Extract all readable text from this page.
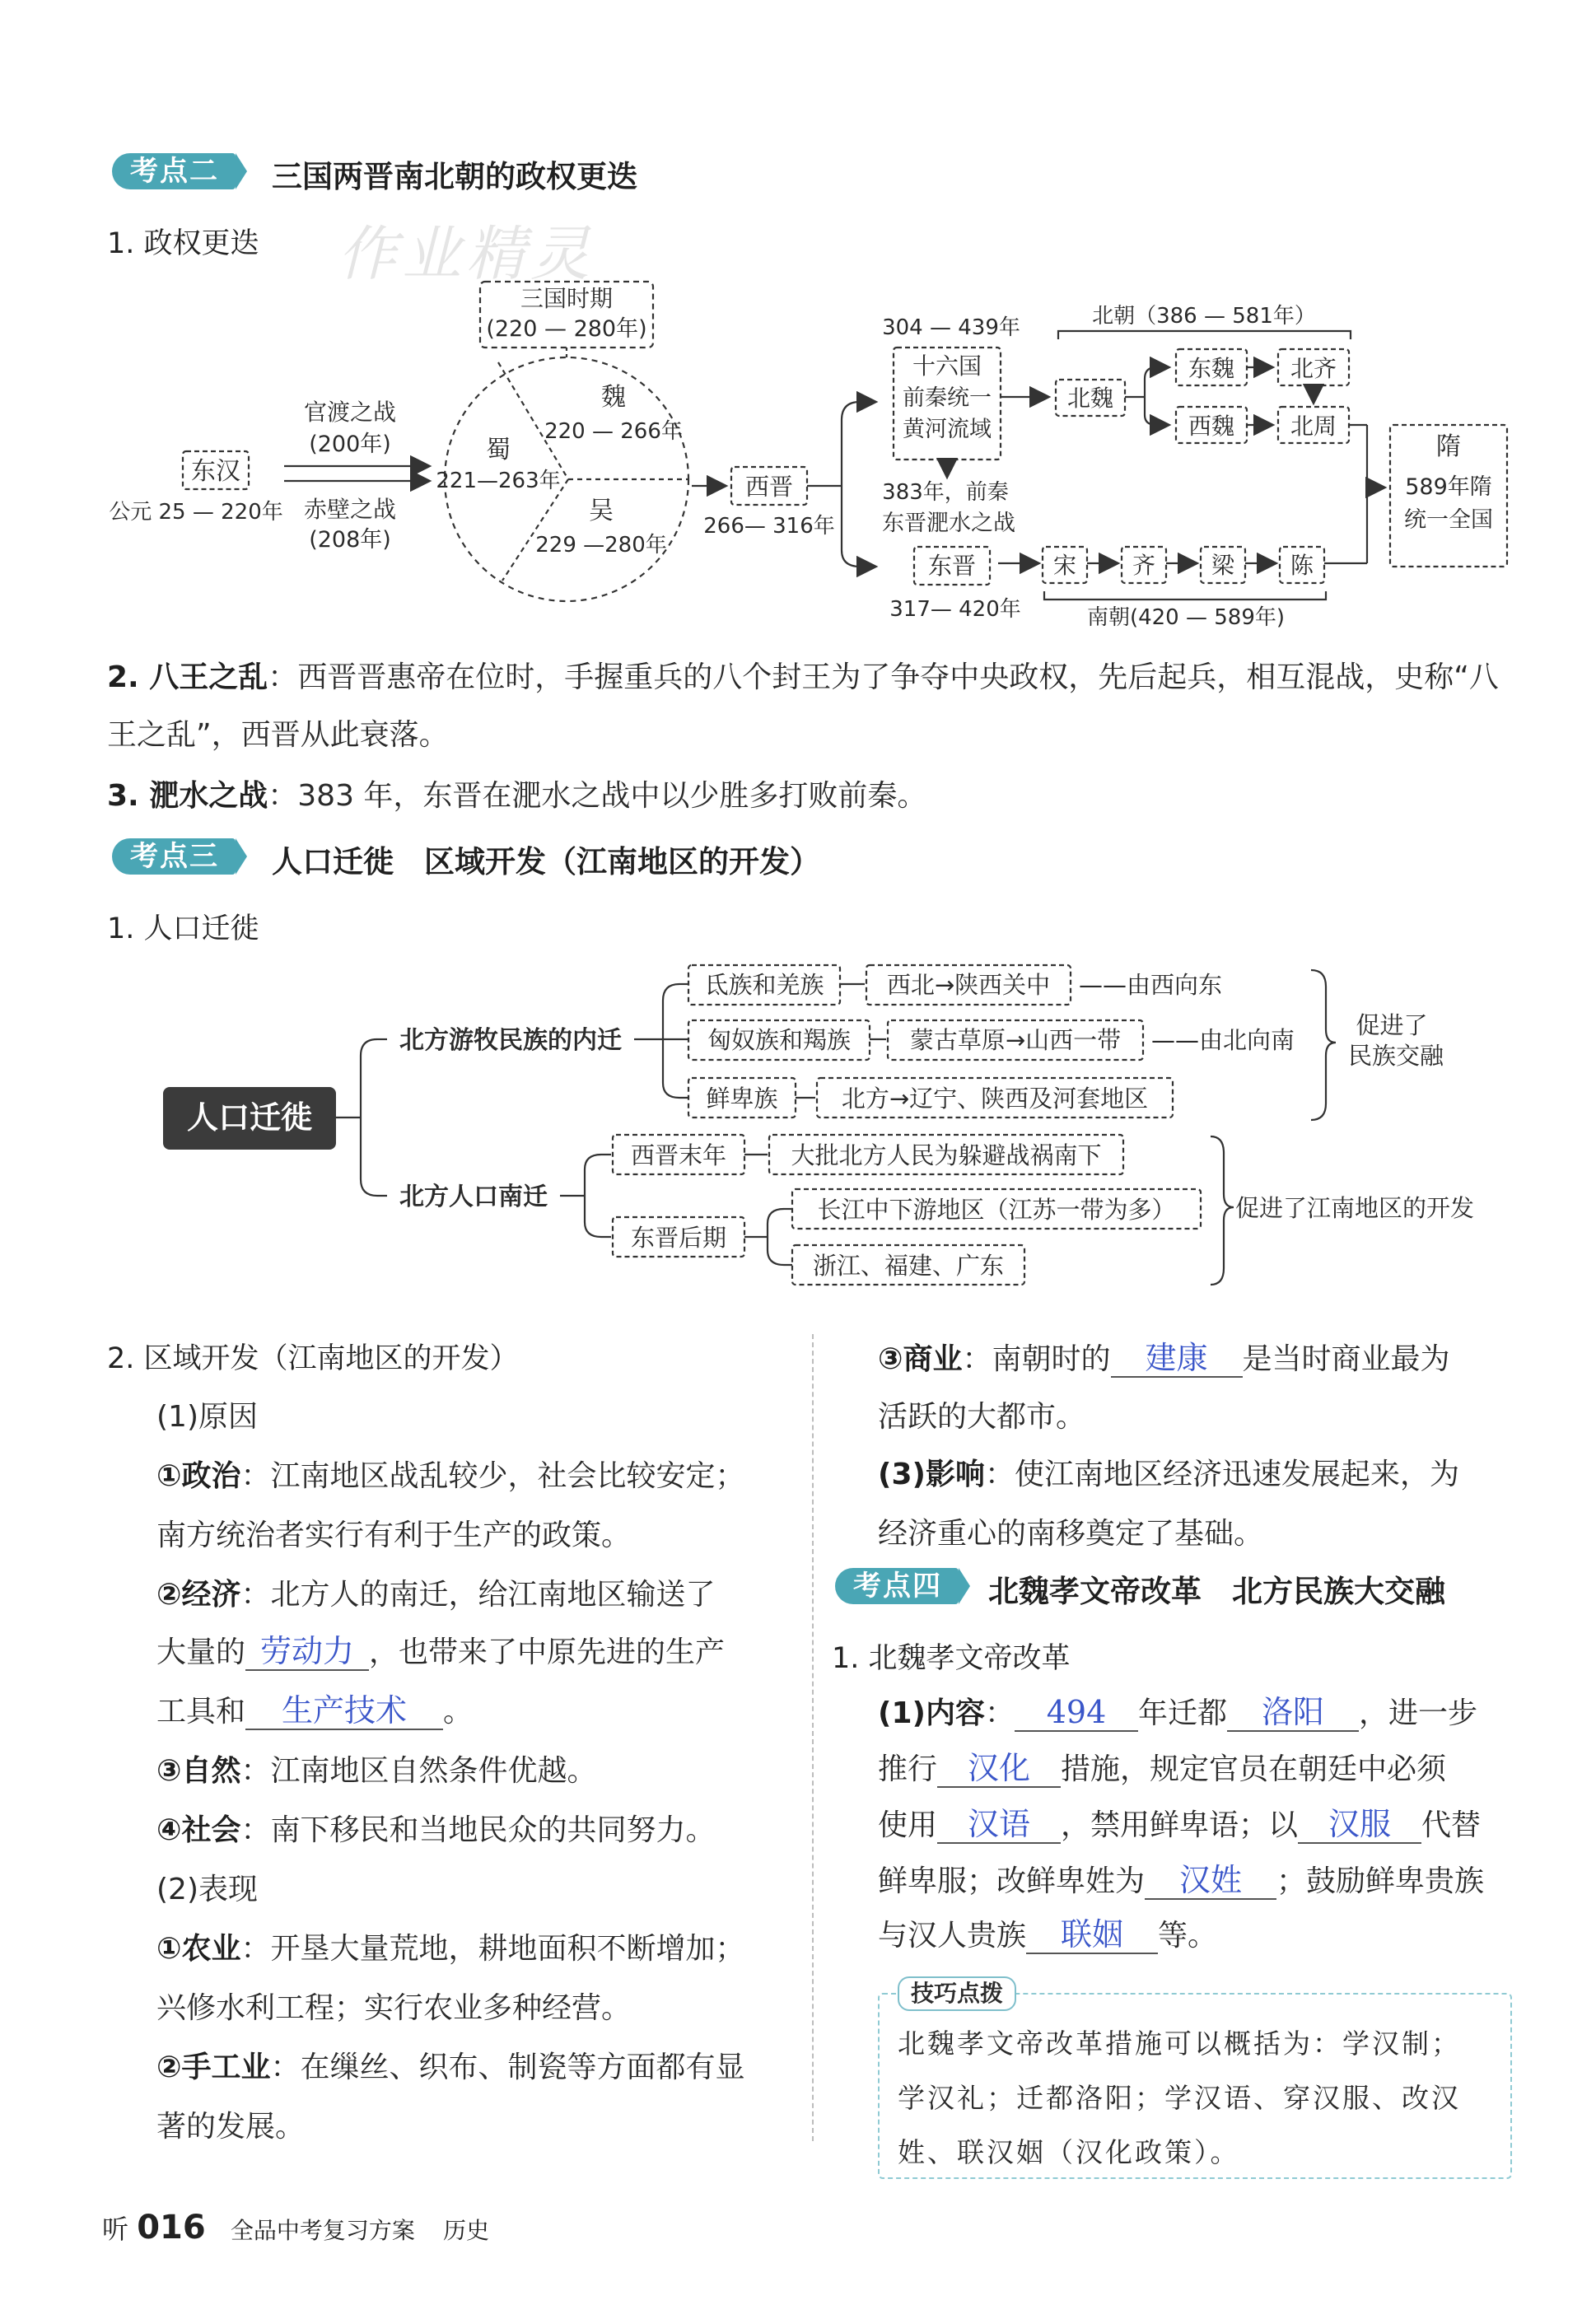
考点二	三国两晋南北朝的政权更迭
1. 政权更迭 作业精灵
三国时期
(220 — 280年)
魏
220 — 266年
蜀
221—263年
吴
229 —280年
官渡之战
(200年)
赤壁之战
(208年)
东汉
公元 25 — 220年
西晋
266— 316年
304 — 439年
十六国
前秦统一
黄河流域
383年，前秦
东晋淝水之战
东晋
317— 420年
北朝（386 — 581年）
北魏
东魏
西魏
北齐
北周
宋 齐 梁 陈
南朝(420 — 589年)
隋
589年隋
统一全国
2. 八王之乱：西晋晋惠帝在位时，手握重兵的八个封王为了争夺中央政权，先后起兵，相互混战，史称“八王之乱”，西晋从此衰落。
3. 淝水之战：383 年，东晋在淝水之战中以少胜多打败前秦。
考点三	人口迁徙　区域开发（江南地区的开发）
1. 人口迁徙
人口迁徙
北方游牧民族的内迁
氐族和羌族	西北→陕西关中 ——由西向东
匈奴族和羯族 蒙古草原→山西一带 ——由北向南
鲜卑族	北方→辽宁、陕西及河套地区
促进了
民族交融
北方人口南迁
西晋末年	大批北方人民为躲避战祸南下
东晋后期
长江中下游地区（江苏一带为多）
浙江、福建、广东
促进了江南地区的开发
2. 区域开发（江南地区的开发）
(1)原因
①政治：江南地区战乱较少，社会比较安定；
南方统治者实行有利于生产的政策。
②经济：北方人的南迁，给江南地区输送了
大量的 劳动力 ，也带来了中原先进的生产
工具和 生产技术 。
③自然：江南地区自然条件优越。
④社会：南下移民和当地民众的共同努力。
(2)表现
①农业：开垦大量荒地，耕地面积不断增加；
兴修水利工程；实行农业多种经营。
②手工业：在缫丝、织布、制瓷等方面都有显
著的发展。
③商业：南朝时的 建康 是当时商业最为
活跃的大都市。
(3)影响：使江南地区经济迅速发展起来，为
经济重心的南移奠定了基础。
考点四	北魏孝文帝改革　北方民族大交融
1. 北魏孝文帝改革
(1)内容： 494 年迁都 洛阳 ，进一步
推行 汉化 措施，规定官员在朝廷中必须
使用 汉语 ，禁用鲜卑语；以 汉服 代替
鲜卑服；改鲜卑姓为 汉姓 ；鼓励鲜卑贵族
与汉人贵族 联姻 等。
技巧点拨
北魏孝文帝改革措施可以概括为：学汉制；
学汉礼；迁都洛阳；学汉语、穿汉服、改汉
姓、联汉姻（汉化政策）。
听 016 全品中考复习方案 历史
